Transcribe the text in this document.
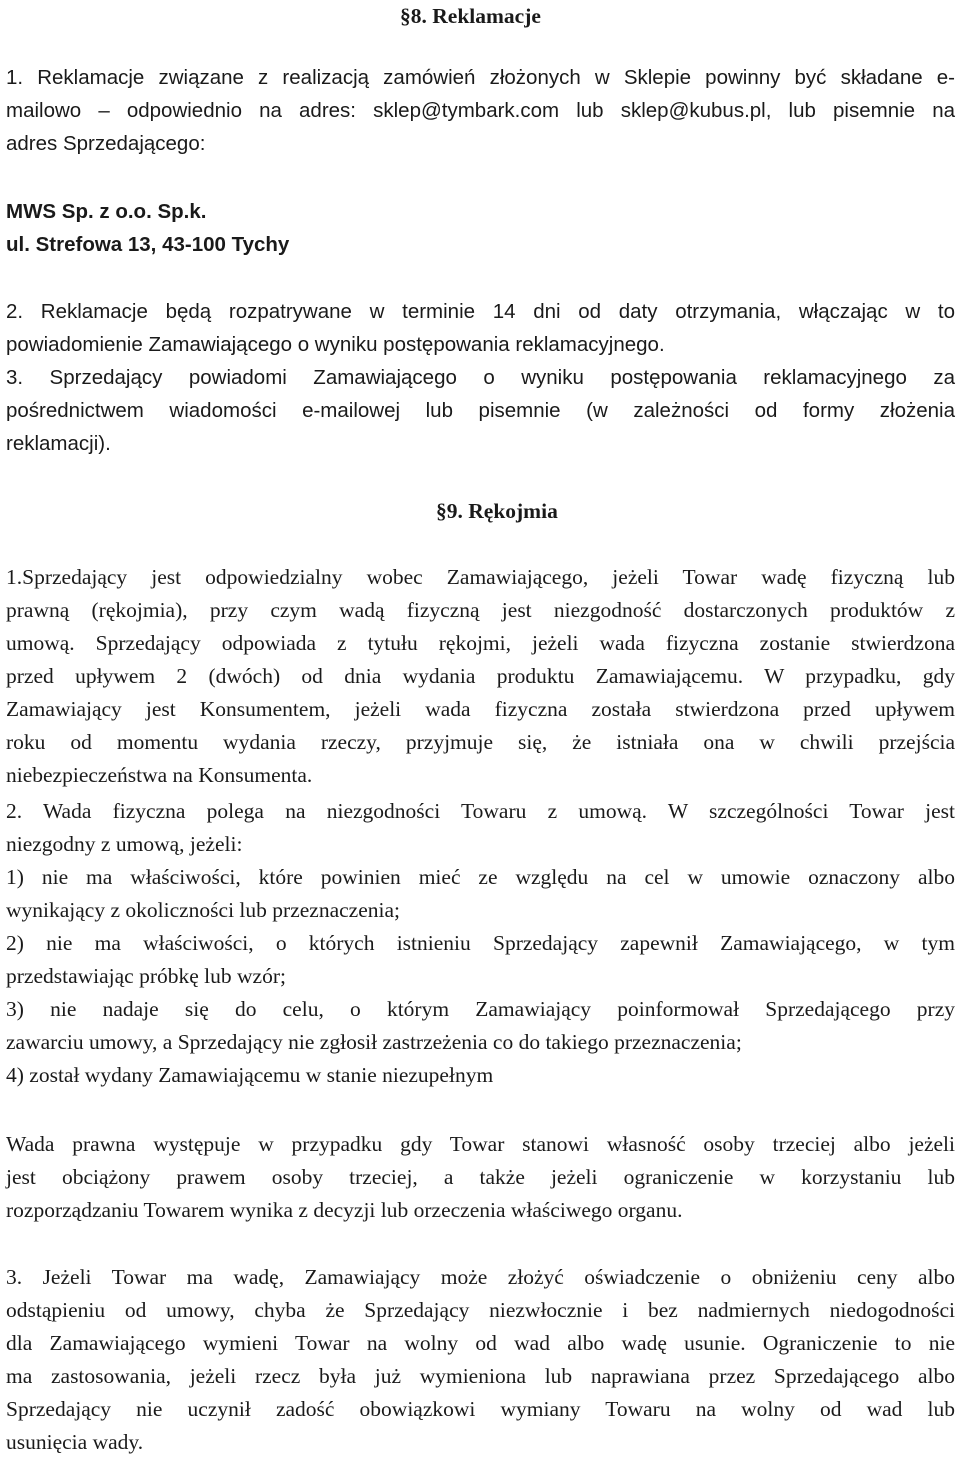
§8. Reklamacje
1. Reklamacje związane z realizacją zamówień złożonych w Sklepie powinny być składane e-
mailowo – odpowiednio na adres: sklep@tymbark.com lub sklep@kubus.pl, lub pisemnie na
adres Sprzedającego:
MWS Sp. z o.o. Sp.k.
ul. Strefowa 13, 43-100 Tychy
2. Reklamacje będą rozpatrywane w terminie 14 dni od daty otrzymania, włączając w to
powiadomienie Zamawiającego o wyniku postępowania reklamacyjnego.
3. Sprzedający powiadomi Zamawiającego o wyniku postępowania reklamacyjnego za
pośrednictwem wiadomości e-mailowej lub pisemnie (w zależności od formy złożenia
reklamacji).
§9. Rękojmia
1.Sprzedający jest odpowiedzialny wobec Zamawiającego, jeżeli Towar wadę fizyczną lub
prawną (rękojmia), przy czym wadą fizyczną jest niezgodność dostarczonych produktów z
umową. Sprzedający odpowiada z tytułu rękojmi, jeżeli wada fizyczna zostanie stwierdzona
przed upływem 2 (dwóch) od dnia wydania produktu Zamawiającemu. W przypadku, gdy
Zamawiający jest Konsumentem, jeżeli wada fizyczna została stwierdzona przed upływem
roku od momentu wydania rzeczy, przyjmuje się, że istniała ona w chwili przejścia
niebezpieczeństwa na Konsumenta.
2. Wada fizyczna polega na niezgodności Towaru z umową. W szczególności Towar jest
niezgodny z umową, jeżeli:
1) nie ma właściwości, które powinien mieć ze względu na cel w umowie oznaczony albo
wynikający z okoliczności lub przeznaczenia;
2) nie ma właściwości, o których istnieniu Sprzedający zapewnił Zamawiającego, w tym
przedstawiając próbkę lub wzór;
3) nie nadaje się do celu, o którym Zamawiający poinformował Sprzedającego przy
zawarciu umowy, a Sprzedający nie zgłosił zastrzeżenia co do takiego przeznaczenia;
4) został wydany Zamawiającemu w stanie niezupełnym
Wada prawna występuje w przypadku gdy Towar stanowi własność osoby trzeciej albo jeżeli
jest obciążony prawem osoby trzeciej, a także jeżeli ograniczenie w korzystaniu lub
rozporządzaniu Towarem wynika z decyzji lub orzeczenia właściwego organu.
3. Jeżeli Towar ma wadę, Zamawiający może złożyć oświadczenie o obniżeniu ceny albo
odstąpieniu od umowy, chyba że Sprzedający niezwłocznie i bez nadmiernych niedogodności
dla Zamawiającego wymieni Towar na wolny od wad albo wadę usunie. Ograniczenie to nie
ma zastosowania, jeżeli rzecz była już wymieniona lub naprawiana przez Sprzedającego albo
Sprzedający nie uczynił zadość obowiązkowi wymiany Towaru na wolny od wad lub
usunięcia wady.
